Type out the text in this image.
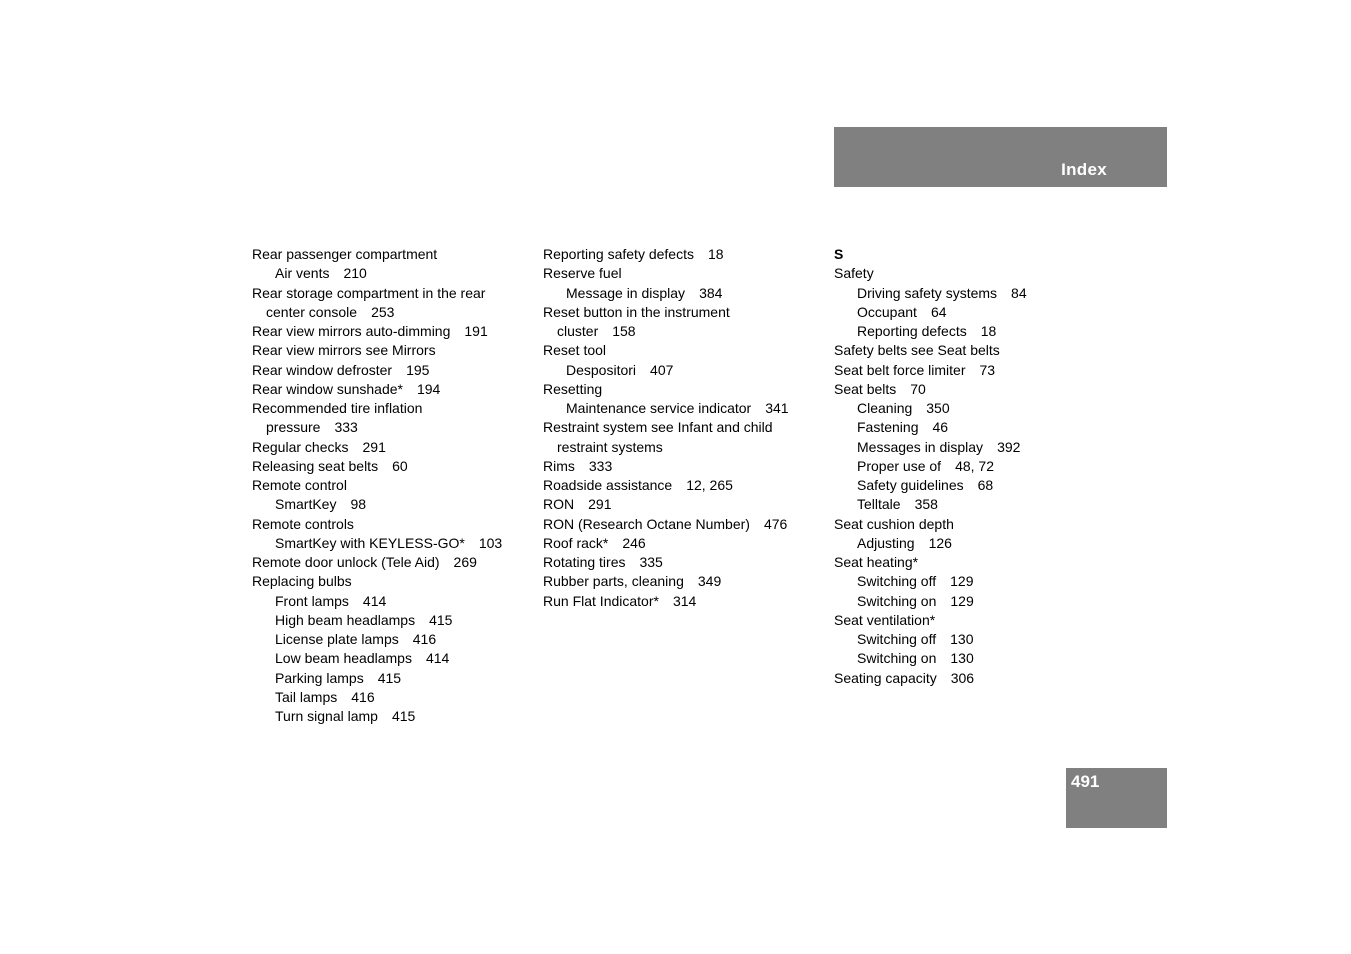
Index
Rear passenger compartment
Air vents 210
Rear storage compartment in the rear
center console 253
Rear view mirrors auto-dimming 191
Rear view mirrors see Mirrors
Rear window defroster 195
Rear window sunshade* 194
Recommended tire inflation
pressure 333
Regular checks 291
Releasing seat belts 60
Remote control
SmartKey 98
Remote controls
SmartKey with KEYLESS-GO* 103
Remote door unlock (Tele Aid) 269
Replacing bulbs
Front lamps 414
High beam headlamps 415
License plate lamps 416
Low beam headlamps 414
Parking lamps 415
Tail lamps 416
Turn signal lamp 415
Reporting safety defects 18
Reserve fuel
Message in display 384
Reset button in the instrument
cluster 158
Reset tool
Despositori 407
Resetting
Maintenance service indicator 341
Restraint system see Infant and child
restraint systems
Rims 333
Roadside assistance 12, 265
RON 291
RON (Research Octane Number) 476
Roof rack* 246
Rotating tires 335
Rubber parts, cleaning 349
Run Flat Indicator* 314
S
Safety
Driving safety systems 84
Occupant 64
Reporting defects 18
Safety belts see Seat belts
Seat belt force limiter 73
Seat belts 70
Cleaning 350
Fastening 46
Messages in display 392
Proper use of 48, 72
Safety guidelines 68
Telltale 358
Seat cushion depth
Adjusting 126
Seat heating*
Switching off 129
Switching on 129
Seat ventilation*
Switching off 130
Switching on 130
Seating capacity 306
491
